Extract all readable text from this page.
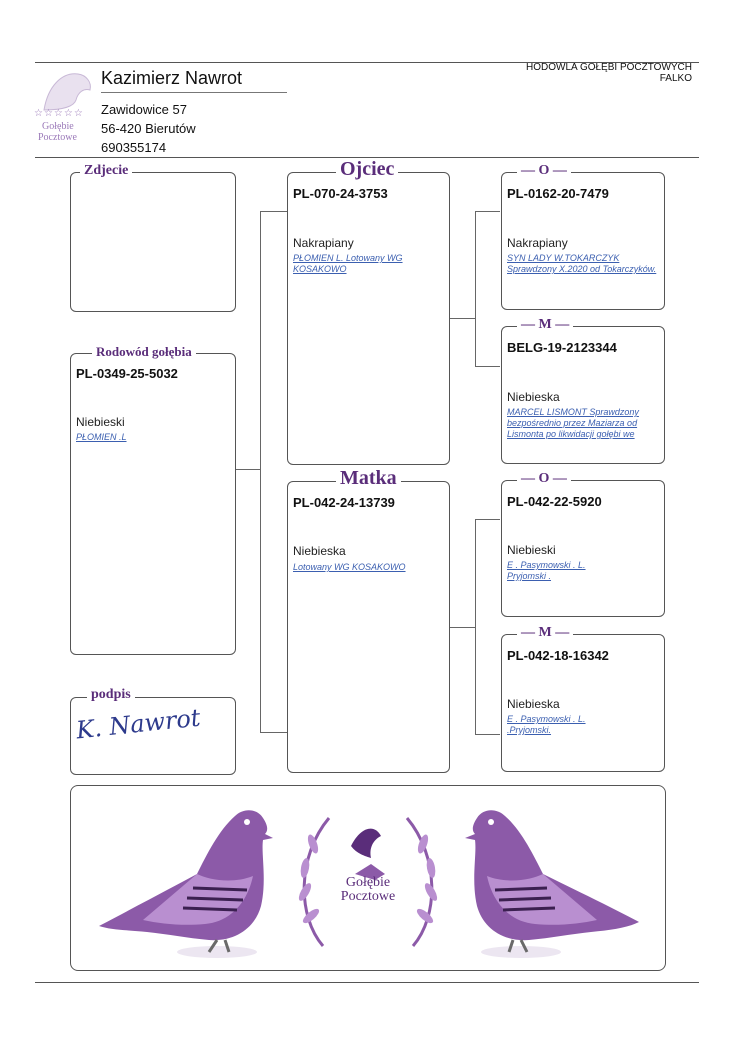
☆☆☆☆☆
Gołębie
Pocztowe
Kazimierz Nawrot
Zawidowice 57
56-420 Bierutów
690355174
HODOWLA GOŁĘBI POCZTOWYCH
FALKO
Zdjecie
Rodowód gołębia
PL-0349-25-5032
Niebieski
PŁOMIEN .L
podpis
K. Nawrot
Ojciec
PL-070-24-3753
Nakrapiany
PŁOMIEN L. Lotowany WG KOSAKOWO
Matka
PL-042-24-13739
Niebieska
Lotowany WG KOSAKOWO
— O —
PL-0162-20-7479
Nakrapiany
SYN LADY W.TOKARCZYK Sprawdzony X.2020 od Tokarczyków.
— M —
BELG-19-2123344
Niebieska
MARCEL LISMONT Sprawdzony bezpośrednio przez Maziarza od Lismonta po likwidacji gołębi we
— O —
PL-042-22-5920
Niebieski
E . Pasymowski . L. Pryjomski .
— M —
PL-042-18-16342
Niebieska
E . Pasymowski . L. .Pryjomski.
Gołębie
Pocztowe
